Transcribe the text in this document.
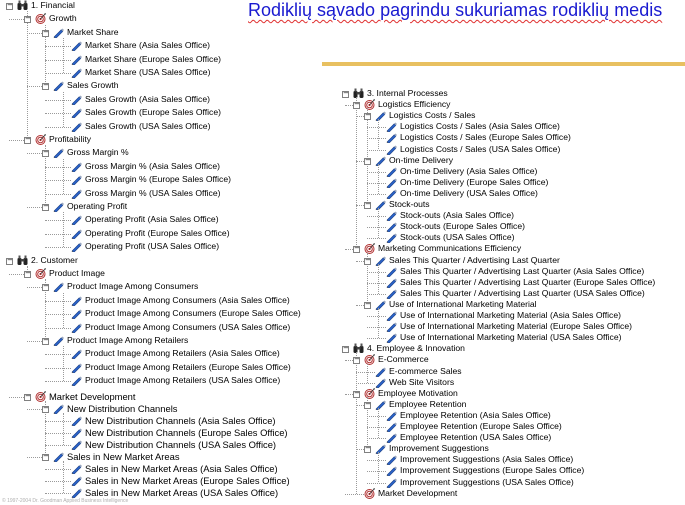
Rodiklių sąvado pagrindu sukuriamas rodiklių medis
−
1. Financial
−
Growth
−
Market Share
Market Share (Asia Sales Office)
Market Share (Europe Sales Office)
Market Share (USA Sales Office)
−
Sales Growth
Sales Growth (Asia Sales Office)
Sales Growth (Europe Sales Office)
Sales Growth (USA Sales Office)
−
Profitability
−
Gross Margin %
Gross Margin % (Asia Sales Office)
Gross Margin % (Europe Sales Office)
Gross Margin % (USA Sales Office)
−
Operating Profit
Operating Profit (Asia Sales Office)
Operating Profit (Europe Sales Office)
Operating Profit (USA Sales Office)
−
2. Customer
−
Product Image
−
Product Image Among Consumers
Product Image Among Consumers (Asia Sales Office)
Product Image Among Consumers (Europe Sales Office)
Product Image Among Consumers (USA Sales Office)
−
Product Image Among Retailers
Product Image Among Retailers (Asia Sales Office)
Product Image Among Retailers (Europe Sales Office)
Product Image Among Retailers (USA Sales Office)
−
Market Development
−
New Distribution Channels
New Distribution Channels (Asia Sales Office)
New Distribution Channels (Europe Sales Office)
New Distribution Channels (USA Sales Office)
−
Sales in New Market Areas
Sales in New Market Areas (Asia Sales Office)
Sales in New Market Areas (Europe Sales Office)
Sales in New Market Areas (USA Sales Office)
−
3. Internal Processes
−
Logistics Efficiency
−
Logistics Costs / Sales
Logistics Costs / Sales (Asia Sales Office)
Logistics Costs / Sales (Europe Sales Office)
Logistics Costs / Sales (USA Sales Office)
−
On-time Delivery
On-time Delivery (Asia Sales Office)
On-time Delivery (Europe Sales Office)
On-time Delivery (USA Sales Office)
−
Stock-outs
Stock-outs (Asia Sales Office)
Stock-outs (Europe Sales Office)
Stock-outs (USA Sales Office)
−
Marketing Communications Efficiency
−
Sales This Quarter / Advertising Last Quarter
Sales This Quarter / Advertising Last Quarter (Asia Sales Office)
Sales This Quarter / Advertising Last Quarter (Europe Sales Office)
Sales This Quarter / Advertising Last Quarter (USA Sales Office)
−
Use of International Marketing Material
Use of International Marketing Material (Asia Sales Office)
Use of International Marketing Material (Europe Sales Office)
Use of International Marketing Material (USA Sales Office)
−
4. Employee & Innovation
−
E-Commerce
E-commerce Sales
Web Site Visitors
−
Employee Motivation
−
Employee Retention
Employee Retention (Asia Sales Office)
Employee Retention (Europe Sales Office)
Employee Retention (USA Sales Office)
−
Improvement Suggestions
Improvement Suggestions (Asia Sales Office)
Improvement Suggestions (Europe Sales Office)
Improvement Suggestions (USA Sales Office)
Market Development
© 1997-2004 Dr. Goodman Applied Business Intelligence
